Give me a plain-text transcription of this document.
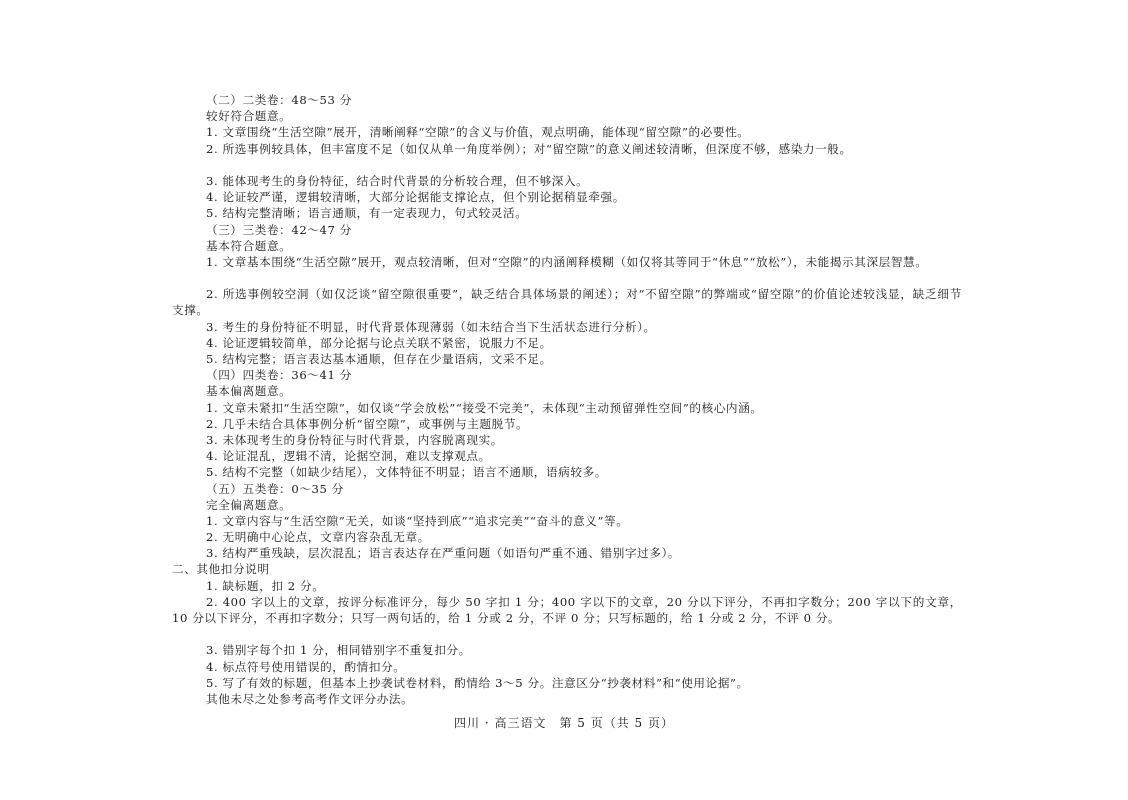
（二）二类卷：48～53 分
较好符合题意。
1. 文章围绕“生活空隙”展开，清晰阐释“空隙”的含义与价值，观点明确，能体现“留空隙”的必要性。
2. 所选事例较具体，但丰富度不足（如仅从单一角度举例）；对“留空隙”的意义阐述较清晰，但深度不够，感染力一般。
3. 能体现考生的身份特征，结合时代背景的分析较合理，但不够深入。
4. 论证较严谨，逻辑较清晰，大部分论据能支撑论点，但个别论据稍显牵强。
5. 结构完整清晰；语言通顺，有一定表现力，句式较灵活。
（三）三类卷：42～47 分
基本符合题意。
1. 文章基本围绕“生活空隙”展开，观点较清晰，但对“空隙”的内涵阐释模糊（如仅将其等同于“休息”“放松”），未能揭示其深层智慧。
2. 所选事例较空洞（如仅泛谈“留空隙很重要”，缺乏结合具体场景的阐述）；对“不留空隙”的弊端或“留空隙”的价值论述较浅显，缺乏细节支撑。
3. 考生的身份特征不明显，时代背景体现薄弱（如未结合当下生活状态进行分析）。
4. 论证逻辑较简单，部分论据与论点关联不紧密，说服力不足。
5. 结构完整；语言表达基本通顺，但存在少量语病，文采不足。
（四）四类卷：36～41 分
基本偏离题意。
1. 文章未紧扣“生活空隙”，如仅谈“学会放松”“接受不完美”，未体现“主动预留弹性空间”的核心内涵。
2. 几乎未结合具体事例分析“留空隙”，或事例与主题脱节。
3. 未体现考生的身份特征与时代背景，内容脱离现实。
4. 论证混乱，逻辑不清，论据空洞，难以支撑观点。
5. 结构不完整（如缺少结尾），文体特征不明显；语言不通顺，语病较多。
（五）五类卷：0～35 分
完全偏离题意。
1. 文章内容与“生活空隙”无关，如谈“坚持到底”“追求完美”“奋斗的意义”等。
2. 无明确中心论点，文章内容杂乱无章。
3. 结构严重残缺，层次混乱；语言表达存在严重问题（如语句严重不通、错别字过多）。
二、其他扣分说明
1. 缺标题，扣 2 分。
2. 400 字以上的文章，按评分标准评分，每少 50 字扣 1 分；400 字以下的文章，20 分以下评分，不再扣字数分；200 字以下的文章，10 分以下评分，不再扣字数分；只写一两句话的，给 1 分或 2 分，不评 0 分；只写标题的，给 1 分或 2 分，不评 0 分。
3. 错别字每个扣 1 分，相同错别字不重复扣分。
4. 标点符号使用错误的，酌情扣分。
5. 写了有效的标题，但基本上抄袭试卷材料，酌情给 3～5 分。注意区分“抄袭材料”和“使用论据”。
其他未尽之处参考高考作文评分办法。
四川 · 高三语文　第 5 页（共 5 页）
